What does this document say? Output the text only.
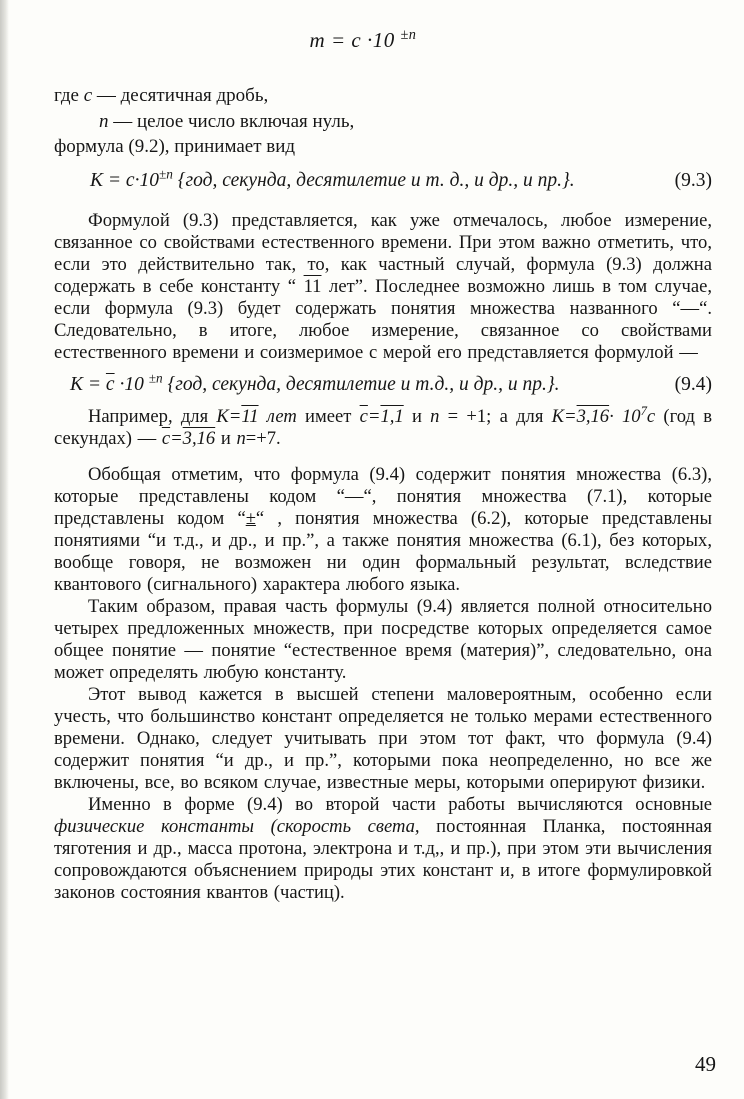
m = c ·10 $^{\pm n}$
где c — десятичная дробь,
n — целое число включая нуль,
формула (9.2), принимает вид
$K = c\cdot 10^{\pm n}$ {год, секунда, десятилетие и т. д., и др., и пр.}.	(9.3)

Формулой (9.3) представляется, как уже отмечалось, любое измерение, связанное со свойствами естественного времени. При этом важно отметить, что, если это действительно так, то, как частный случай, формула (9.3) должна содержать в себе константу “ 11 лет”. Последнее возможно лишь в том случае, если формула (9.3) будет содержать понятия множества названного “—“. Следовательно, в итоге, любое измерение, связанное со свойствами естественного времени и соизмеримое с мерой его представляется формулой —

$K = \overline{c} \cdot 10$ $^{\pm n}$ {год, секунда, десятилетие и т.д., и др., и пр.}.	(9.4)

Например, для K=11 лет имеет $\overline{c}=1,1$ и n = +1; а для $K=3,16\cdot 10^7c$ (год в секундах) — $\overline{c}=3,16$ и n=+7.

Обобщая отметим, что формула (9.4) содержит понятия множества (6.3), которые представлены кодом “—“, понятия множества (7.1), которые представлены кодом “±“ , понятия множества (6.2), которые представлены понятиями “и т.д., и др., и пр.”, а также понятия множества (6.1), без которых, вообще говоря, не возможен ни один формальный результат, вследствие квантового (сигнального) характера любого языка.

Таким образом, правая часть формулы (9.4) является полной относительно четырех предложенных множеств, при посредстве которых определяется самое общее понятие — понятие “естественное время (материя)”, следовательно, она может определять любую константу.

Этот вывод кажется в высшей степени маловероятным, особенно если учесть, что большинство констант определяется не только мерами естественного времени. Однако, следует учитывать при этом тот факт, что формула (9.4) содержит понятия “и др., и пр.”, которыми пока неопределенно, но все же включены, все, во всяком случае, известные меры, которыми оперируют физики.

Именно в форме (9.4) во второй части работы вычисляются основные физические константы (скорость света, постоянная Планка, постоянная тяготения и др., масса протона, электрона и т.д,, и пр.), при этом эти вычисления сопровождаются объяснением природы этих констант и, в итоге формулировкой законов состояния квантов (частиц).

49
